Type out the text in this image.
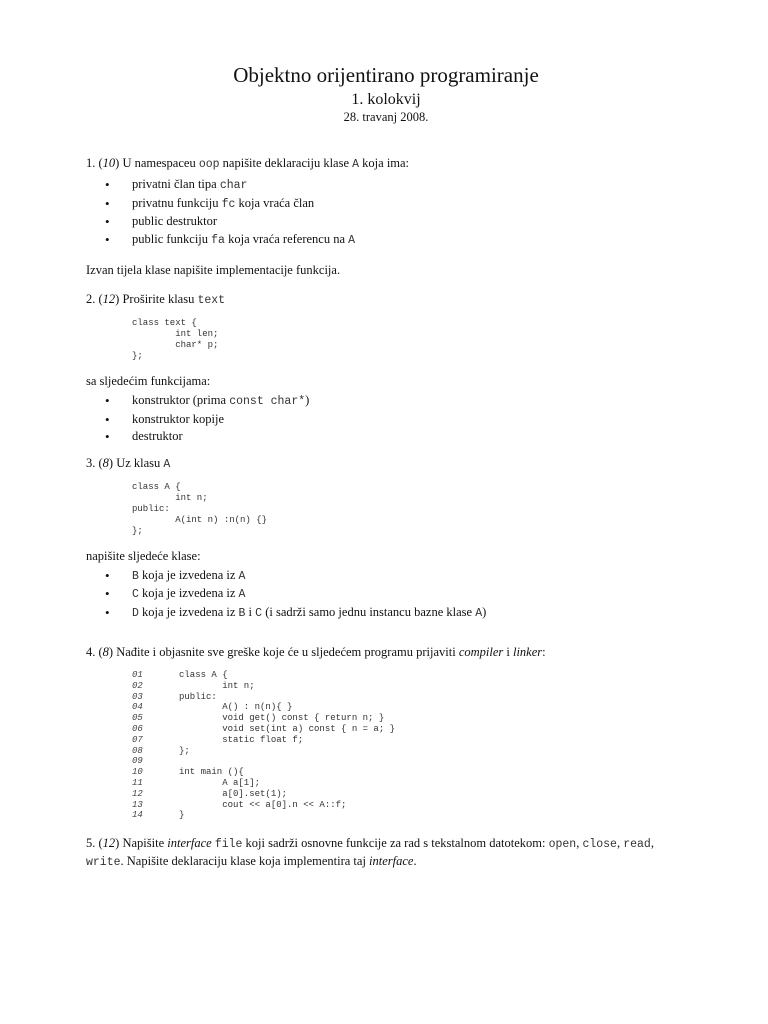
Objektno orijentirano programiranje
1. kolokvij
28. travanj 2008.

1. (10) U namespaceu oop napišite deklaraciju klase A koja ima:

• privatni član tipa char
• privatnu funkciju fc koja vraća član
• public destruktor
• public funkciju fa koja vraća referencu na A

Izvan tijela klase napišite implementacije funkcija.

2. (12) Proširite klasu text

class text {
int len;
char* p;
};

sa sljedećim funkcijama:

• konstruktor (prima const char*)
• konstruktor kopije
• destruktor

3. (8) Uz klasu A

class A {
int n;
public:
A(int n) :n(n) {}
};

napišite sljedeće klase:

• B koja je izvedena iz A
• C koja je izvedena iz A
• D koja je izvedena iz B i C (i sadrži samo jednu instancu bazne klase A)

4. (8) Nađite i objasnite sve greške koje će u sljedećem programu prijaviti compiler i linker:

01	class A {
02	int n;
03	public:
04	A() : n(n){ }
05	void get() const { return n; }
06	void set(int a) const { n = a; }
07	static float f;
08	};
09
10	int main (){
11	A a[1];
12	a[0].set(1);
13	cout << a[0].n << A::f;
14	}

5. (12) Napišite interface file koji sadrži osnovne funkcije za rad s tekstalnom datotekom: open, close, read, write. Napišite deklaraciju klase koja implementira taj interface.
